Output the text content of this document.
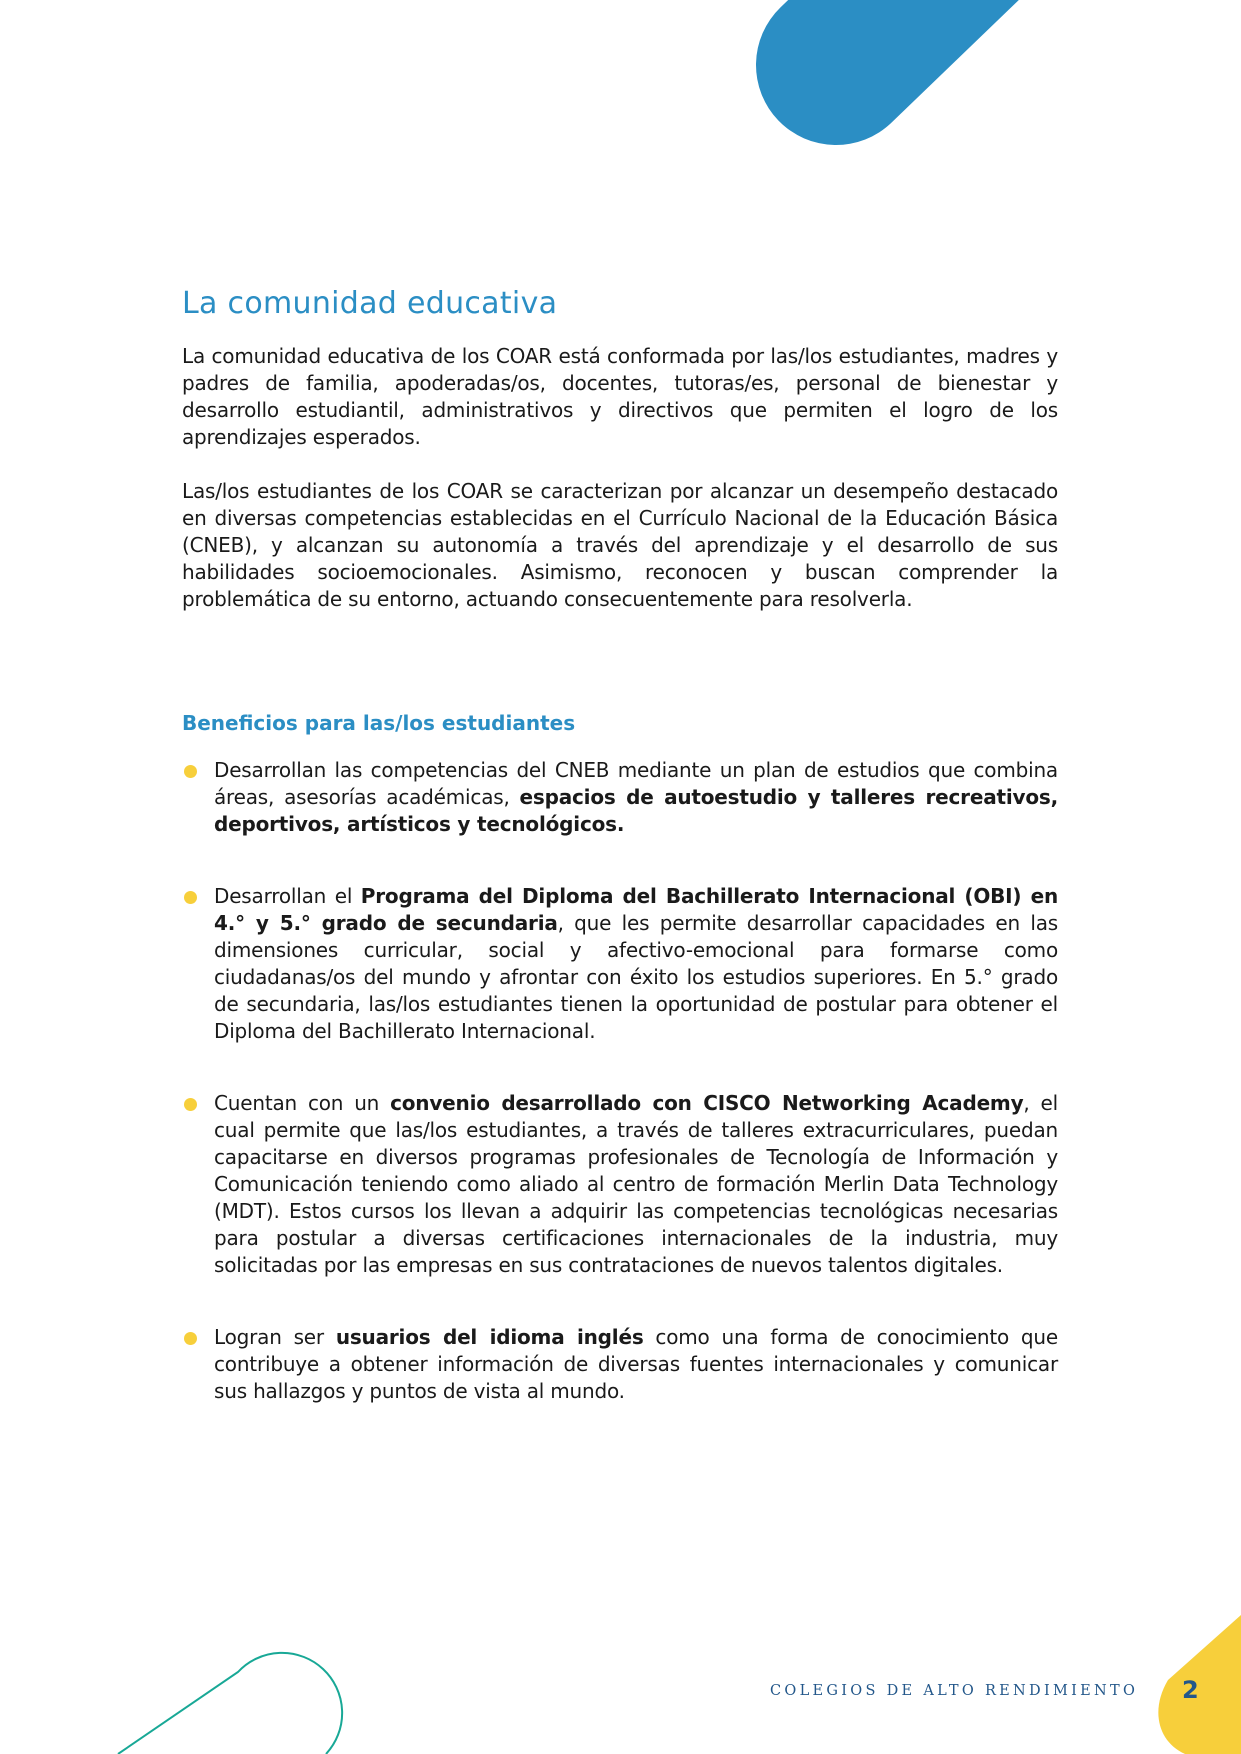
La comunidad educativa

La comunidad educativa de los COAR está conformada por las/los estudiantes, madres y padres de familia, apoderadas/os, docentes, tutoras/es, personal de bienestar y desarrollo estudiantil, administrativos y directivos que permiten el logro de los aprendizajes esperados.

Las/los estudiantes de los COAR se caracterizan por alcanzar un desempeño destacado en diversas competencias establecidas en el Currículo Nacional de la Educación Básica (CNEB), y alcanzan su autonomía a través del aprendizaje y el desarrollo de sus habilidades socioemocionales. Asimismo, reconocen y buscan comprender la problemática de su entorno, actuando consecuentemente para resolverla.

Beneficios para las/los estudiantes
Desarrollan las competencias del CNEB mediante un plan de estudios que combina áreas, asesorías académicas, espacios de autoestudio y talleres recreativos, deportivos, artísticos y tecnológicos.
Desarrollan el Programa del Diploma del Bachillerato Internacional (OBI) en 4.° y 5.° grado de secundaria, que les permite desarrollar capacidades en las dimensiones curricular, social y afectivo-emocional para formarse como ciudadanas/os del mundo y afrontar con éxito los estudios superiores. En 5.° grado de secundaria, las/los estudiantes tienen la oportunidad de postular para obtener el Diploma del Bachillerato Internacional.
Cuentan con un convenio desarrollado con CISCO Networking Academy, el cual permite que las/los estudiantes, a través de talleres extracurriculares, puedan capacitarse en diversos programas profesionales de Tecnología de Información y Comunicación teniendo como aliado al centro de formación Merlin Data Technology (MDT). Estos cursos los llevan a adquirir las competencias tecnológicas necesarias para postular a diversas certificaciones internacionales de la industria, muy solicitadas por las empresas en sus contrataciones de nuevos talentos digitales.
Logran ser usuarios del idioma inglés como una forma de conocimiento que contribuye a obtener información de diversas fuentes internacionales y comunicar sus hallazgos y puntos de vista al mundo.
COLEGIOS DE ALTO RENDIMIENTO 2
